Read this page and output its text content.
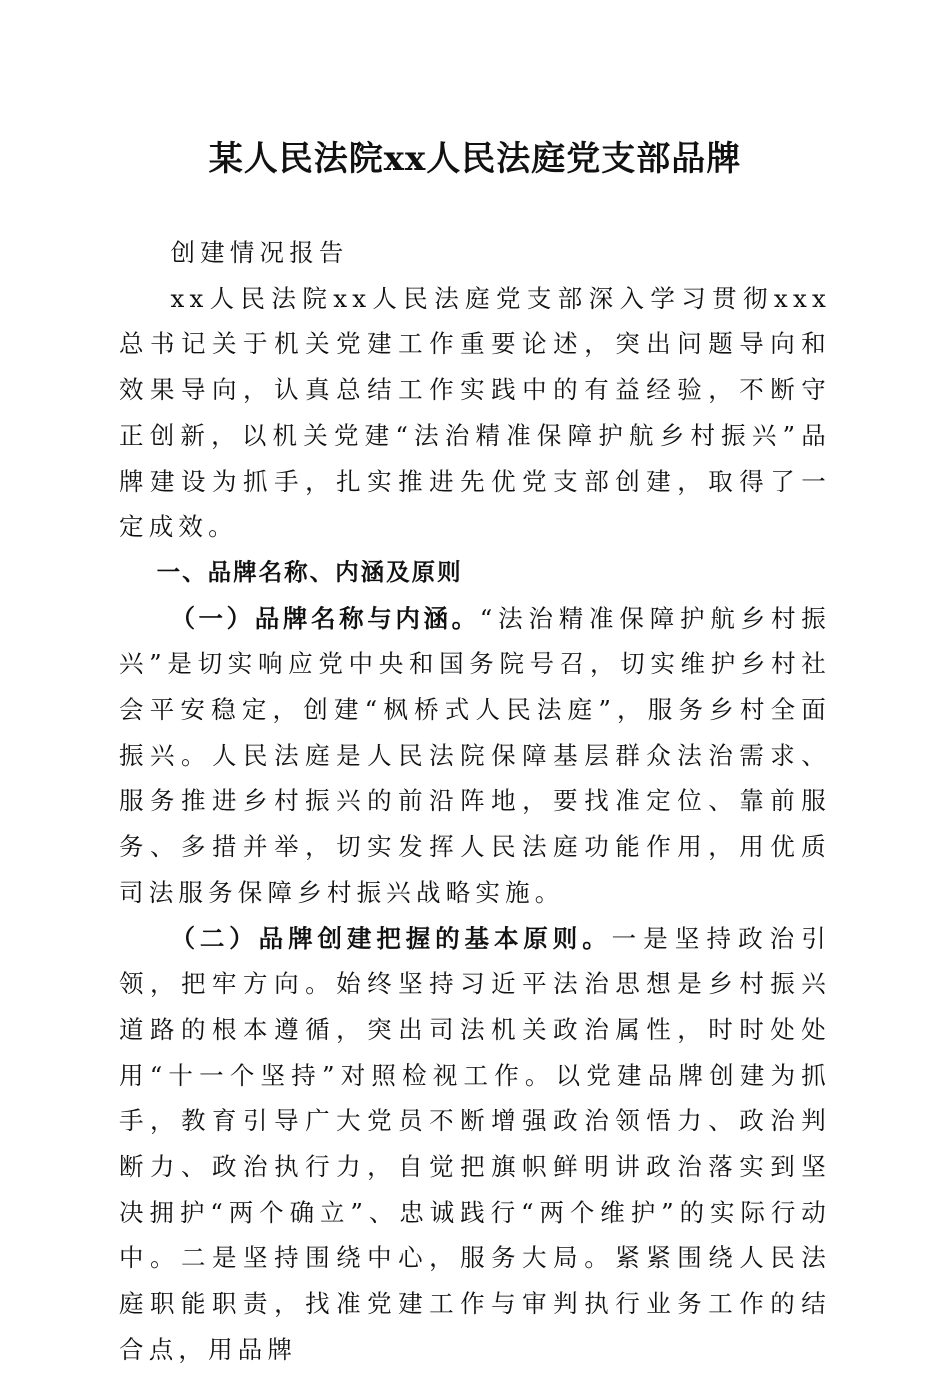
某人民法院xx人民法庭党支部品牌

创建情况报告

xx人民法院xx人民法庭党支部深入学习贯彻xxx总书记关于机关党建工作重要论述，突出问题导向和效果导向，认真总结工作实践中的有益经验，不断守正创新，以机关党建“法治精准保障护航乡村振兴”品牌建设为抓手，扎实推进先优党支部创建，取得了一定成效。

一、品牌名称、内涵及原则

（一）品牌名称与内涵。“法治精准保障护航乡村振兴”是切实响应党中央和国务院号召，切实维护乡村社会平安稳定，创建“枫桥式人民法庭”，服务乡村全面振兴。人民法庭是人民法院保障基层群众法治需求、服务推进乡村振兴的前沿阵地，要找准定位、靠前服务、多措并举，切实发挥人民法庭功能作用，用优质司法服务保障乡村振兴战略实施。

（二）品牌创建把握的基本原则。一是坚持政治引领，把牢方向。始终坚持习近平法治思想是乡村振兴道路的根本遵循，突出司法机关政治属性，时时处处用“十一个坚持”对照检视工作。以党建品牌创建为抓手，教育引导广大党员不断增强政治领悟力、政治判断力、政治执行力，自觉把旗帜鲜明讲政治落实到坚决拥护“两个确立”、忠诚践行“两个维护”的实际行动中。二是坚持围绕中心，服务大局。紧紧围绕人民法庭职能职责，找准党建工作与审判执行业务工作的结合点，用品牌
